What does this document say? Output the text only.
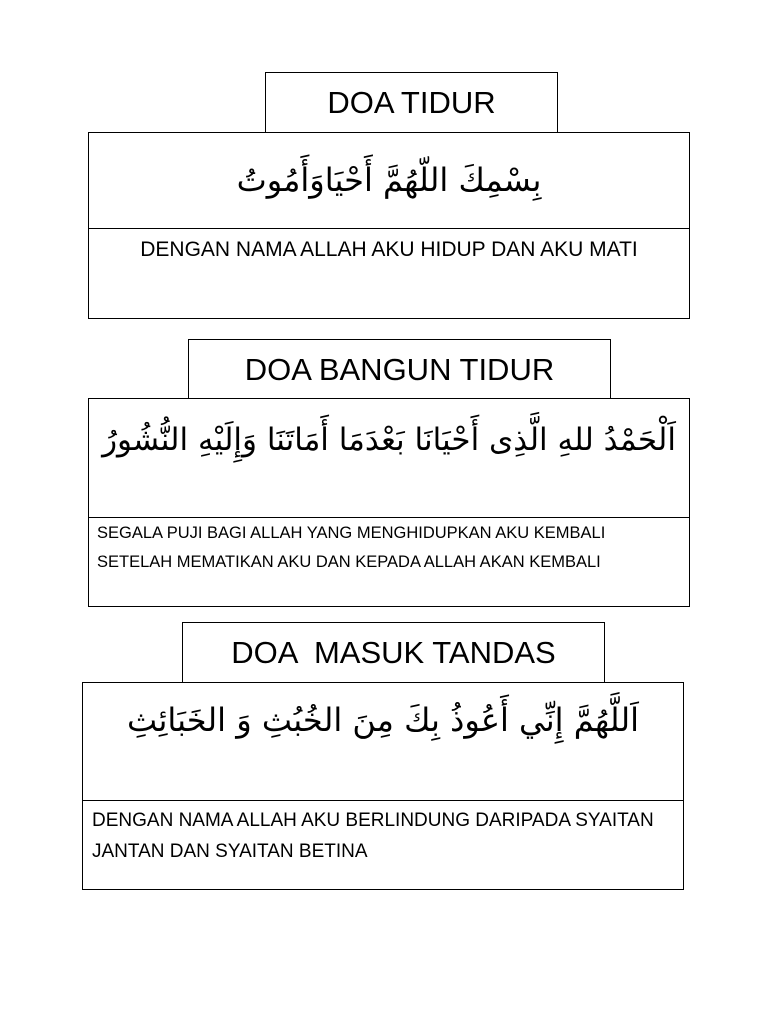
DOA TIDUR
بِسْمِكَ اللّهُمَّ أَحْيَاوَأَمُوتُ
DENGAN NAMA ALLAH AKU HIDUP DAN AKU MATI
DOA BANGUN TIDUR
اَلْحَمْدُ للهِ الَّذِى أَحْيَانَا بَعْدَمَا أَمَاتَنَا وَإِلَيْهِ النُّشُورُ
SEGALA PUJI BAGI ALLAH YANG MENGHIDUPKAN AKU KEMBALI
SETELAH MEMATIKAN AKU DAN KEPADA ALLAH AKAN KEMBALI
DOA  MASUK TANDAS
اَللَّهُمَّ إِنِّي أَعُوذُ بِكَ مِنَ الخُبُثِ وَ الخَبَائِثِ
DENGAN NAMA ALLAH AKU BERLINDUNG DARIPADA SYAITAN
JANTAN DAN SYAITAN BETINA
